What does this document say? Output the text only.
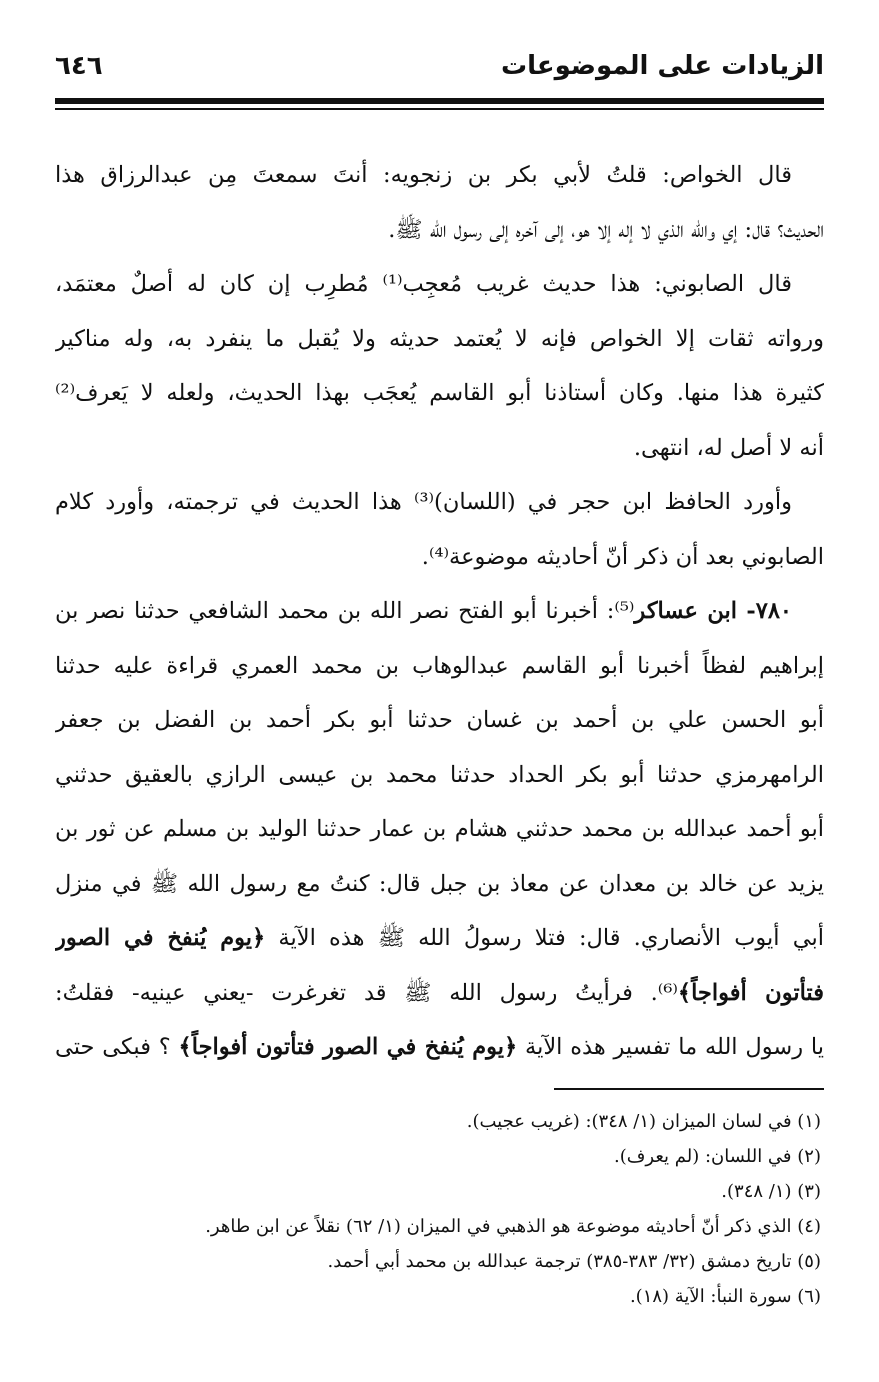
الزيادات على الموضوعات
٦٤٦
قال الخواص: قلتُ لأبي بكر بن زنجويه: أنتَ سمعتَ مِن عبدالرزاق هذا
الحديث؟ قال: إي والله الذي لا إله إلا هو، إلى آخره إلى رسول الله ﷺ.
قال الصابوني: هذا حديث غريب مُعجِب⁽¹⁾ مُطرِب إن كان له أصلٌ معتمَد،
ورواته ثقات إلا الخواص فإنه لا يُعتمد حديثه ولا يُقبل ما ينفرد به، وله مناكير
كثيرة هذا منها. وكان أستاذنا أبو القاسم يُعجَب بهذا الحديث، ولعله لا يَعرف⁽²⁾
أنه لا أصل له، انتهى.
وأورد الحافظ ابن حجر في (اللسان)⁽³⁾ هذا الحديث في ترجمته، وأورد كلام
الصابوني بعد أن ذكر أنّ أحاديثه موضوعة⁽⁴⁾.
٧٨٠- ابن عساكر⁽⁵⁾: أخبرنا أبو الفتح نصر الله بن محمد الشافعي حدثنا نصر بن
إبراهيم لفظاً أخبرنا أبو القاسم عبدالوهاب بن محمد العمري قراءة عليه حدثنا
أبو الحسن علي بن أحمد بن غسان حدثنا أبو بكر أحمد بن الفضل بن جعفر
الرامهرمزي حدثنا أبو بكر الحداد حدثنا محمد بن عيسى الرازي بالعقيق حدثني
أبو أحمد عبدالله بن محمد حدثني هشام بن عمار حدثنا الوليد بن مسلم عن ثور بن
يزيد عن خالد بن معدان عن معاذ بن جبل قال: كنتُ مع رسول الله ﷺ في منزل
أبي أيوب الأنصاري. قال: فتلا رسولُ الله ﷺ هذه الآية ﴿يوم يُنفخ في الصور
فتأتون أفواجاً﴾⁽⁶⁾. فرأيتُ رسول الله ﷺ قد تغرغرت -يعني عينيه- فقلتُ:
يا رسول الله ما تفسير هذه الآية ﴿يوم يُنفخ في الصور فتأتون أفواجاً﴾ ؟ فبكى حتى
(١) في لسان الميزان (١/ ٣٤٨): (غريب عجيب).
(٢) في اللسان: (لم يعرف).
(٣) (١/ ٣٤٨).
(٤) الذي ذكر أنّ أحاديثه موضوعة هو الذهبي في الميزان (١/ ٦٢) نقلاً عن ابن طاهر.
(٥) تاريخ دمشق (٣٢/ ٣٨٣-٣٨٥) ترجمة عبدالله بن محمد أبي أحمد.
(٦) سورة النبأ: الآية (١٨).
